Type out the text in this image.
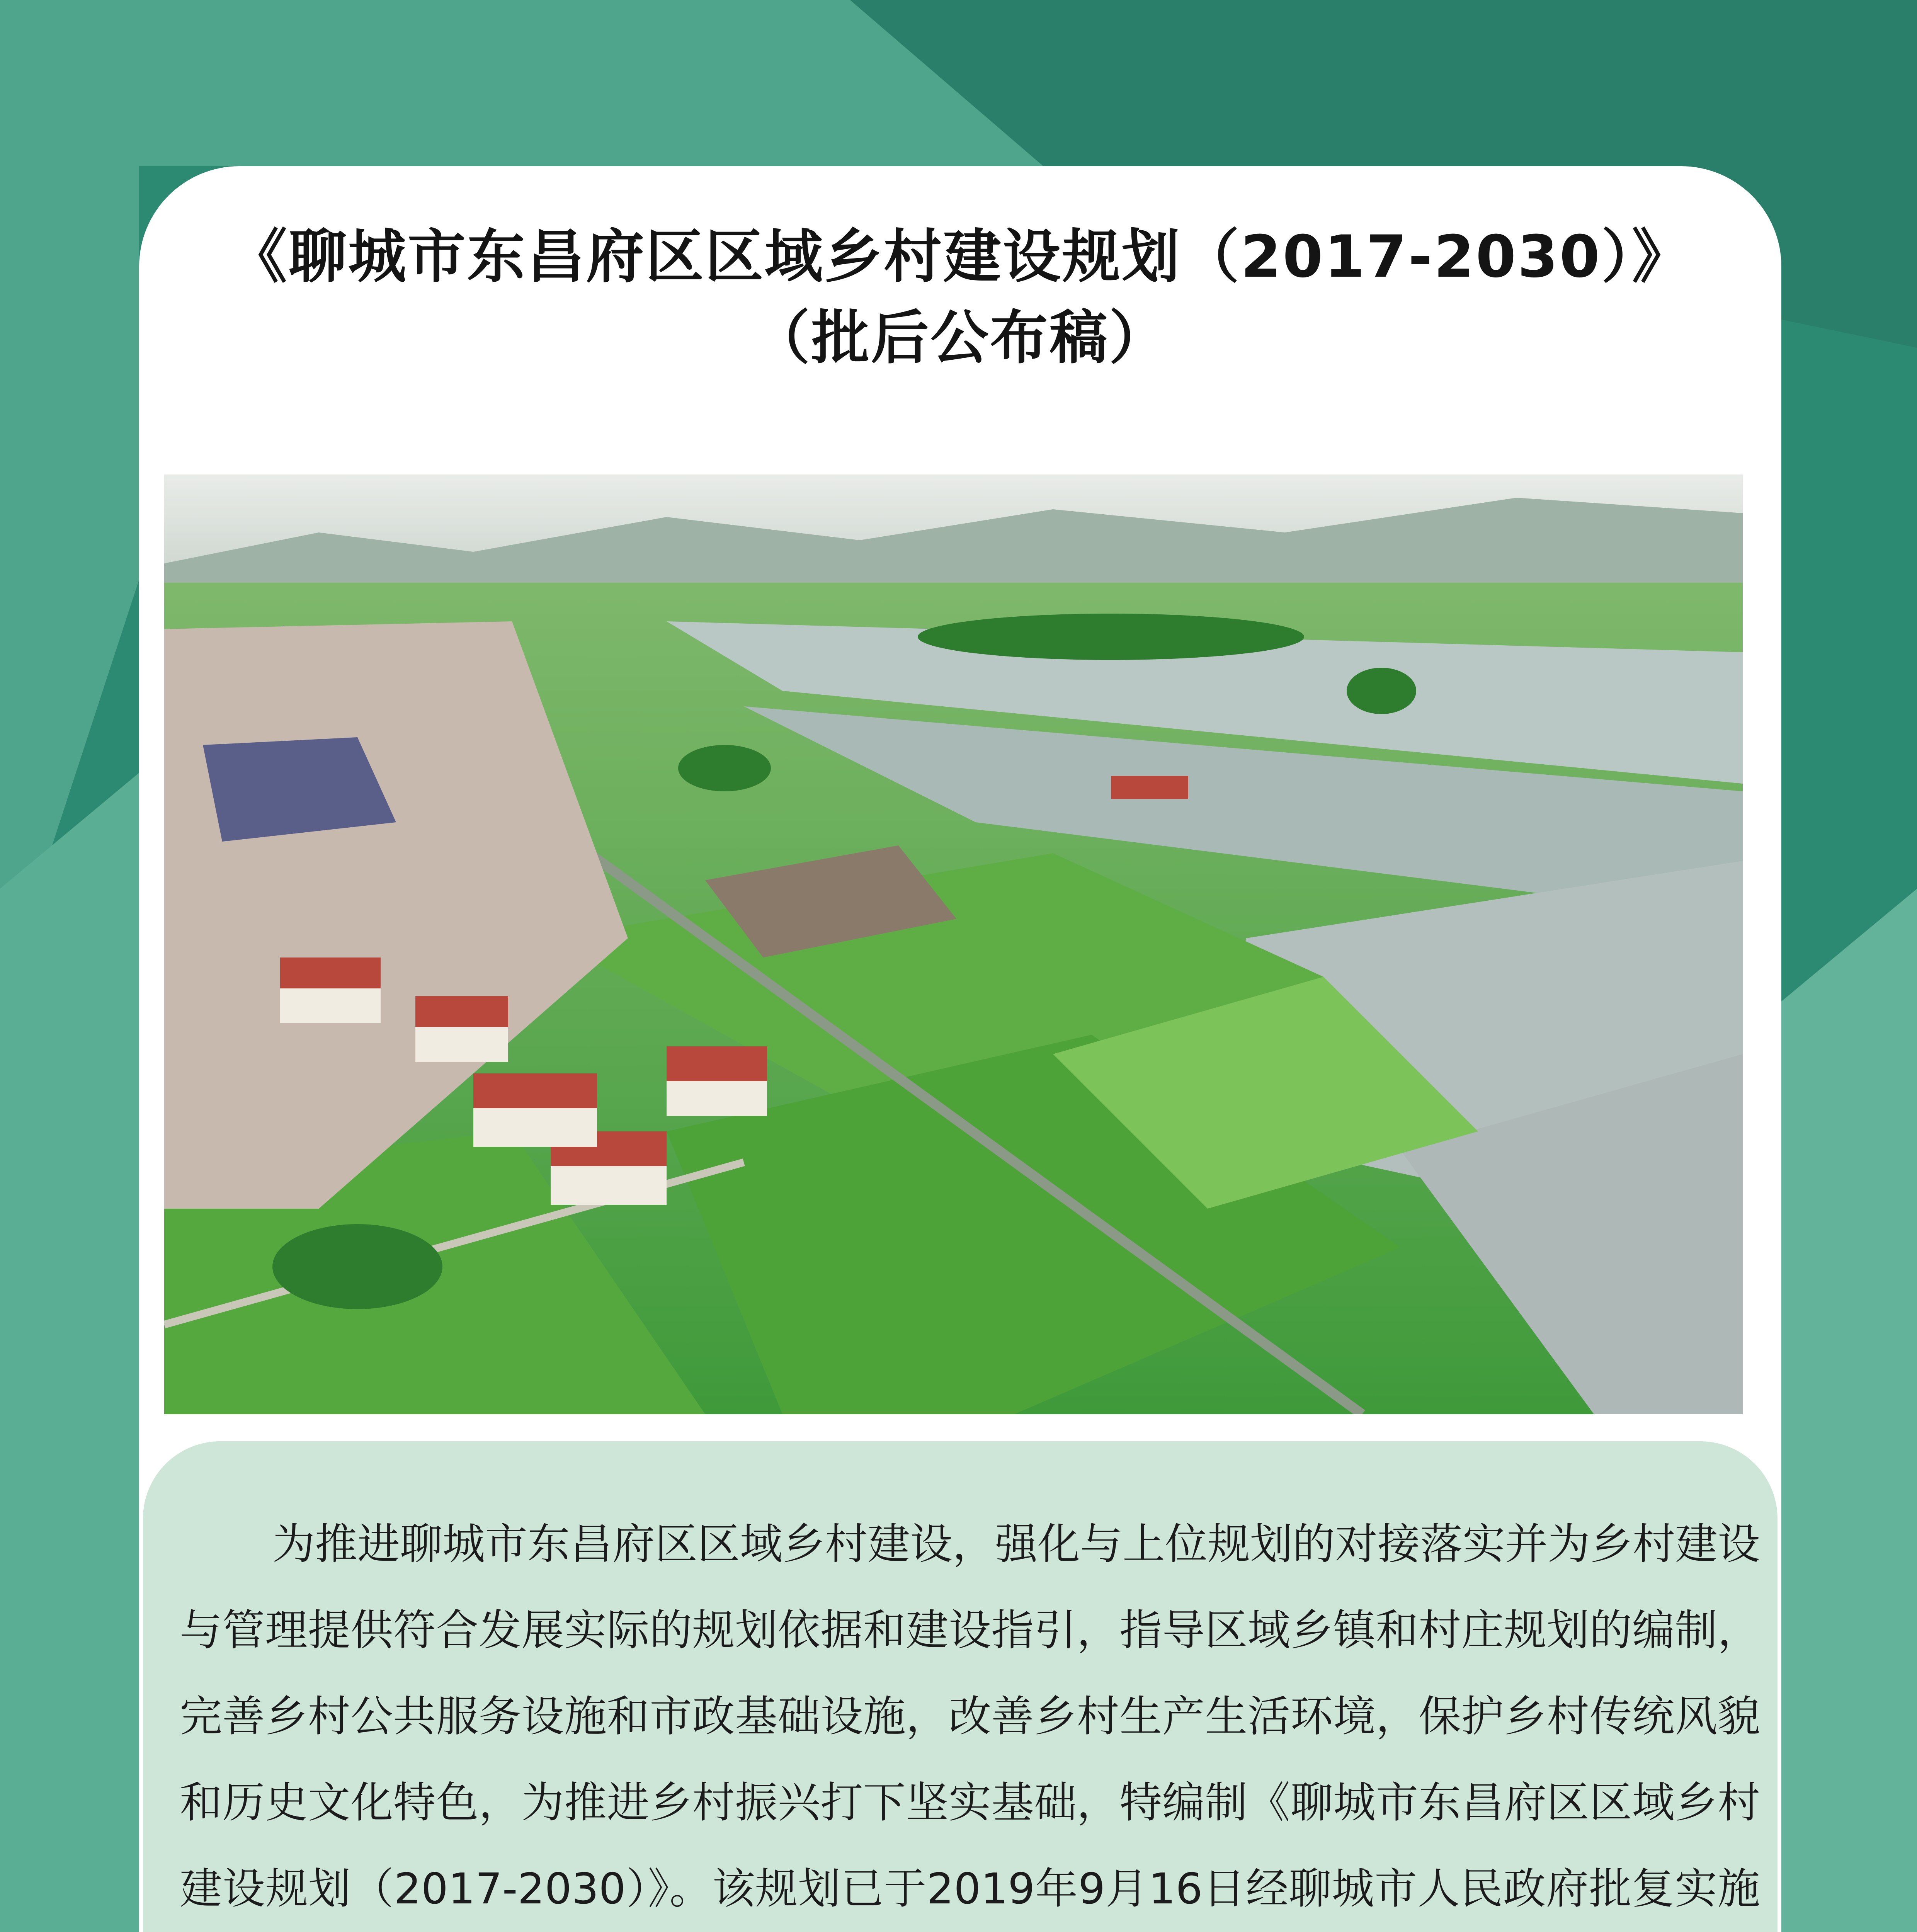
《聊城市东昌府区区域乡村建设规划（2017-2030）》
（批后公布稿）

为推进聊城市东昌府区区域乡村建设，强化与上位规划的对接落实并为乡村建设与管理提供符合发展实际的规划依据和建设指引，指导区域乡镇和村庄规划的编制，完善乡村公共服务设施和市政基础设施，改善乡村生产生活环境，保护乡村传统风貌和历史文化特色，为推进乡村振兴打下坚实基础，特编制《聊城市东昌府区区域乡村建设规划（2017-2030）》。该规划已于2019年9月16日经聊城市人民政府批复实施
